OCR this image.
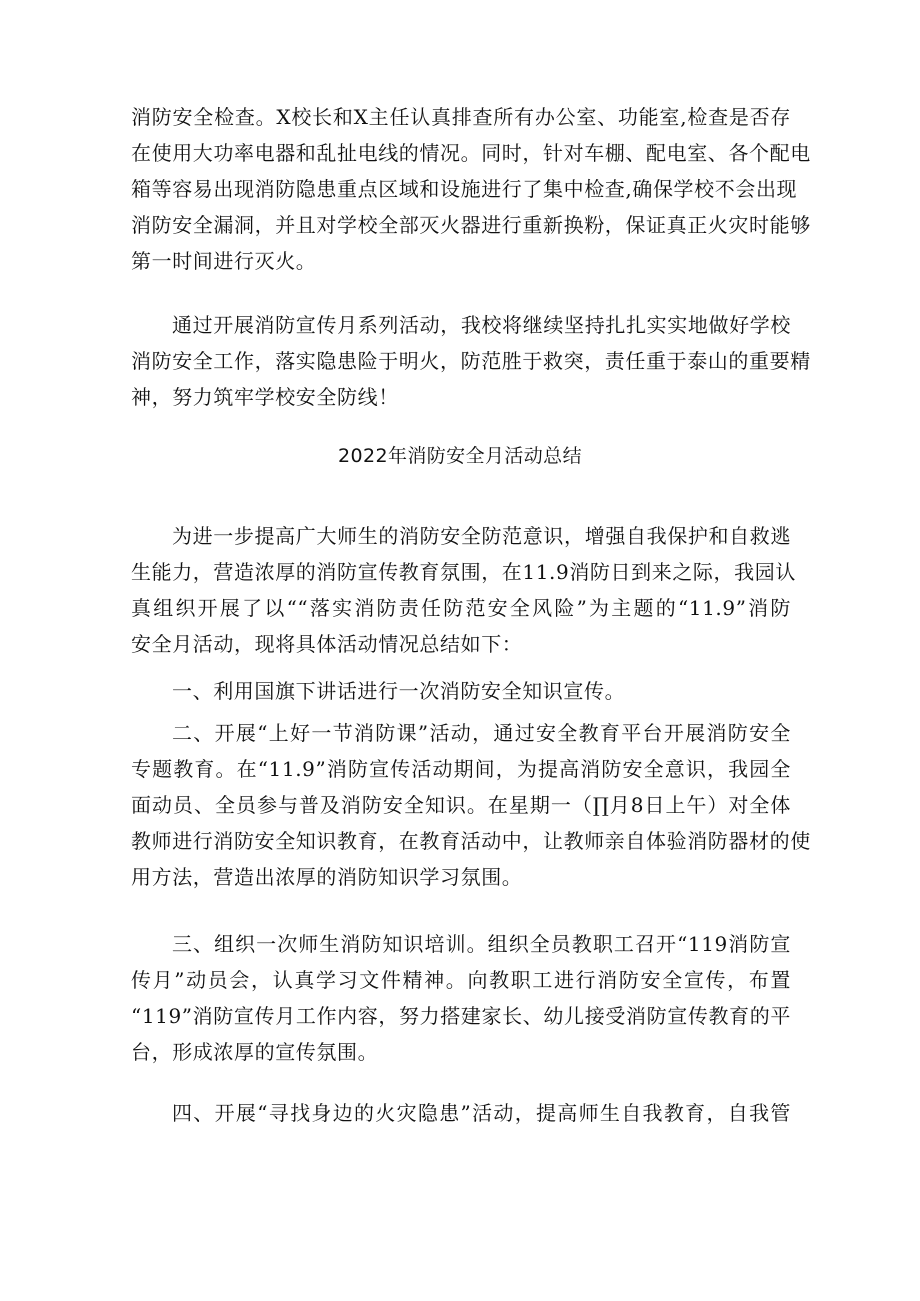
消防安全检查。X校长和X主任认真排查所有办公室、功能室,检查是否存
在使用大功率电器和乱扯电线的情况。同时，针对车棚、配电室、各个配电
箱等容易出现消防隐患重点区域和设施进行了集中检查,确保学校不会出现
消防安全漏洞，并且对学校全部灭火器进行重新换粉，保证真正火灾时能够
第一时间进行灭火。
通过开展消防宣传月系列活动，我校将继续坚持扎扎实实地做好学校
消防安全工作，落实隐患险于明火，防范胜于救突，责任重于泰山的重要精
神，努力筑牢学校安全防线！
2022年消防安全月活动总结
为进一步提高广大师生的消防安全防范意识，增强自我保护和自救逃
生能力，营造浓厚的消防宣传教育氛围，在11.9消防日到来之际，我园认
真组织开展了以““落实消防责任防范安全风险”为主题的“11.9”消防
安全月活动，现将具体活动情况总结如下：
一、利用国旗下讲话进行一次消防安全知识宣传。
二、开展“上好一节消防课”活动，通过安全教育平台开展消防安全
专题教育。在“11.9”消防宣传活动期间，为提高消防安全意识，我园全
面动员、全员参与普及消防安全知识。在星期一（∏月8日上午）对全体
教师进行消防安全知识教育，在教育活动中，让教师亲自体验消防器材的使
用方法，营造出浓厚的消防知识学习氛围。
三、组织一次师生消防知识培训。组织全员教职工召开“119消防宣
传月”动员会，认真学习文件精神。向教职工进行消防安全宣传，布置
“119”消防宣传月工作内容，努力搭建家长、幼儿接受消防宣传教育的平
台，形成浓厚的宣传氛围。
四、开展“寻找身边的火灾隐患”活动，提高师生自我教育，自我管
